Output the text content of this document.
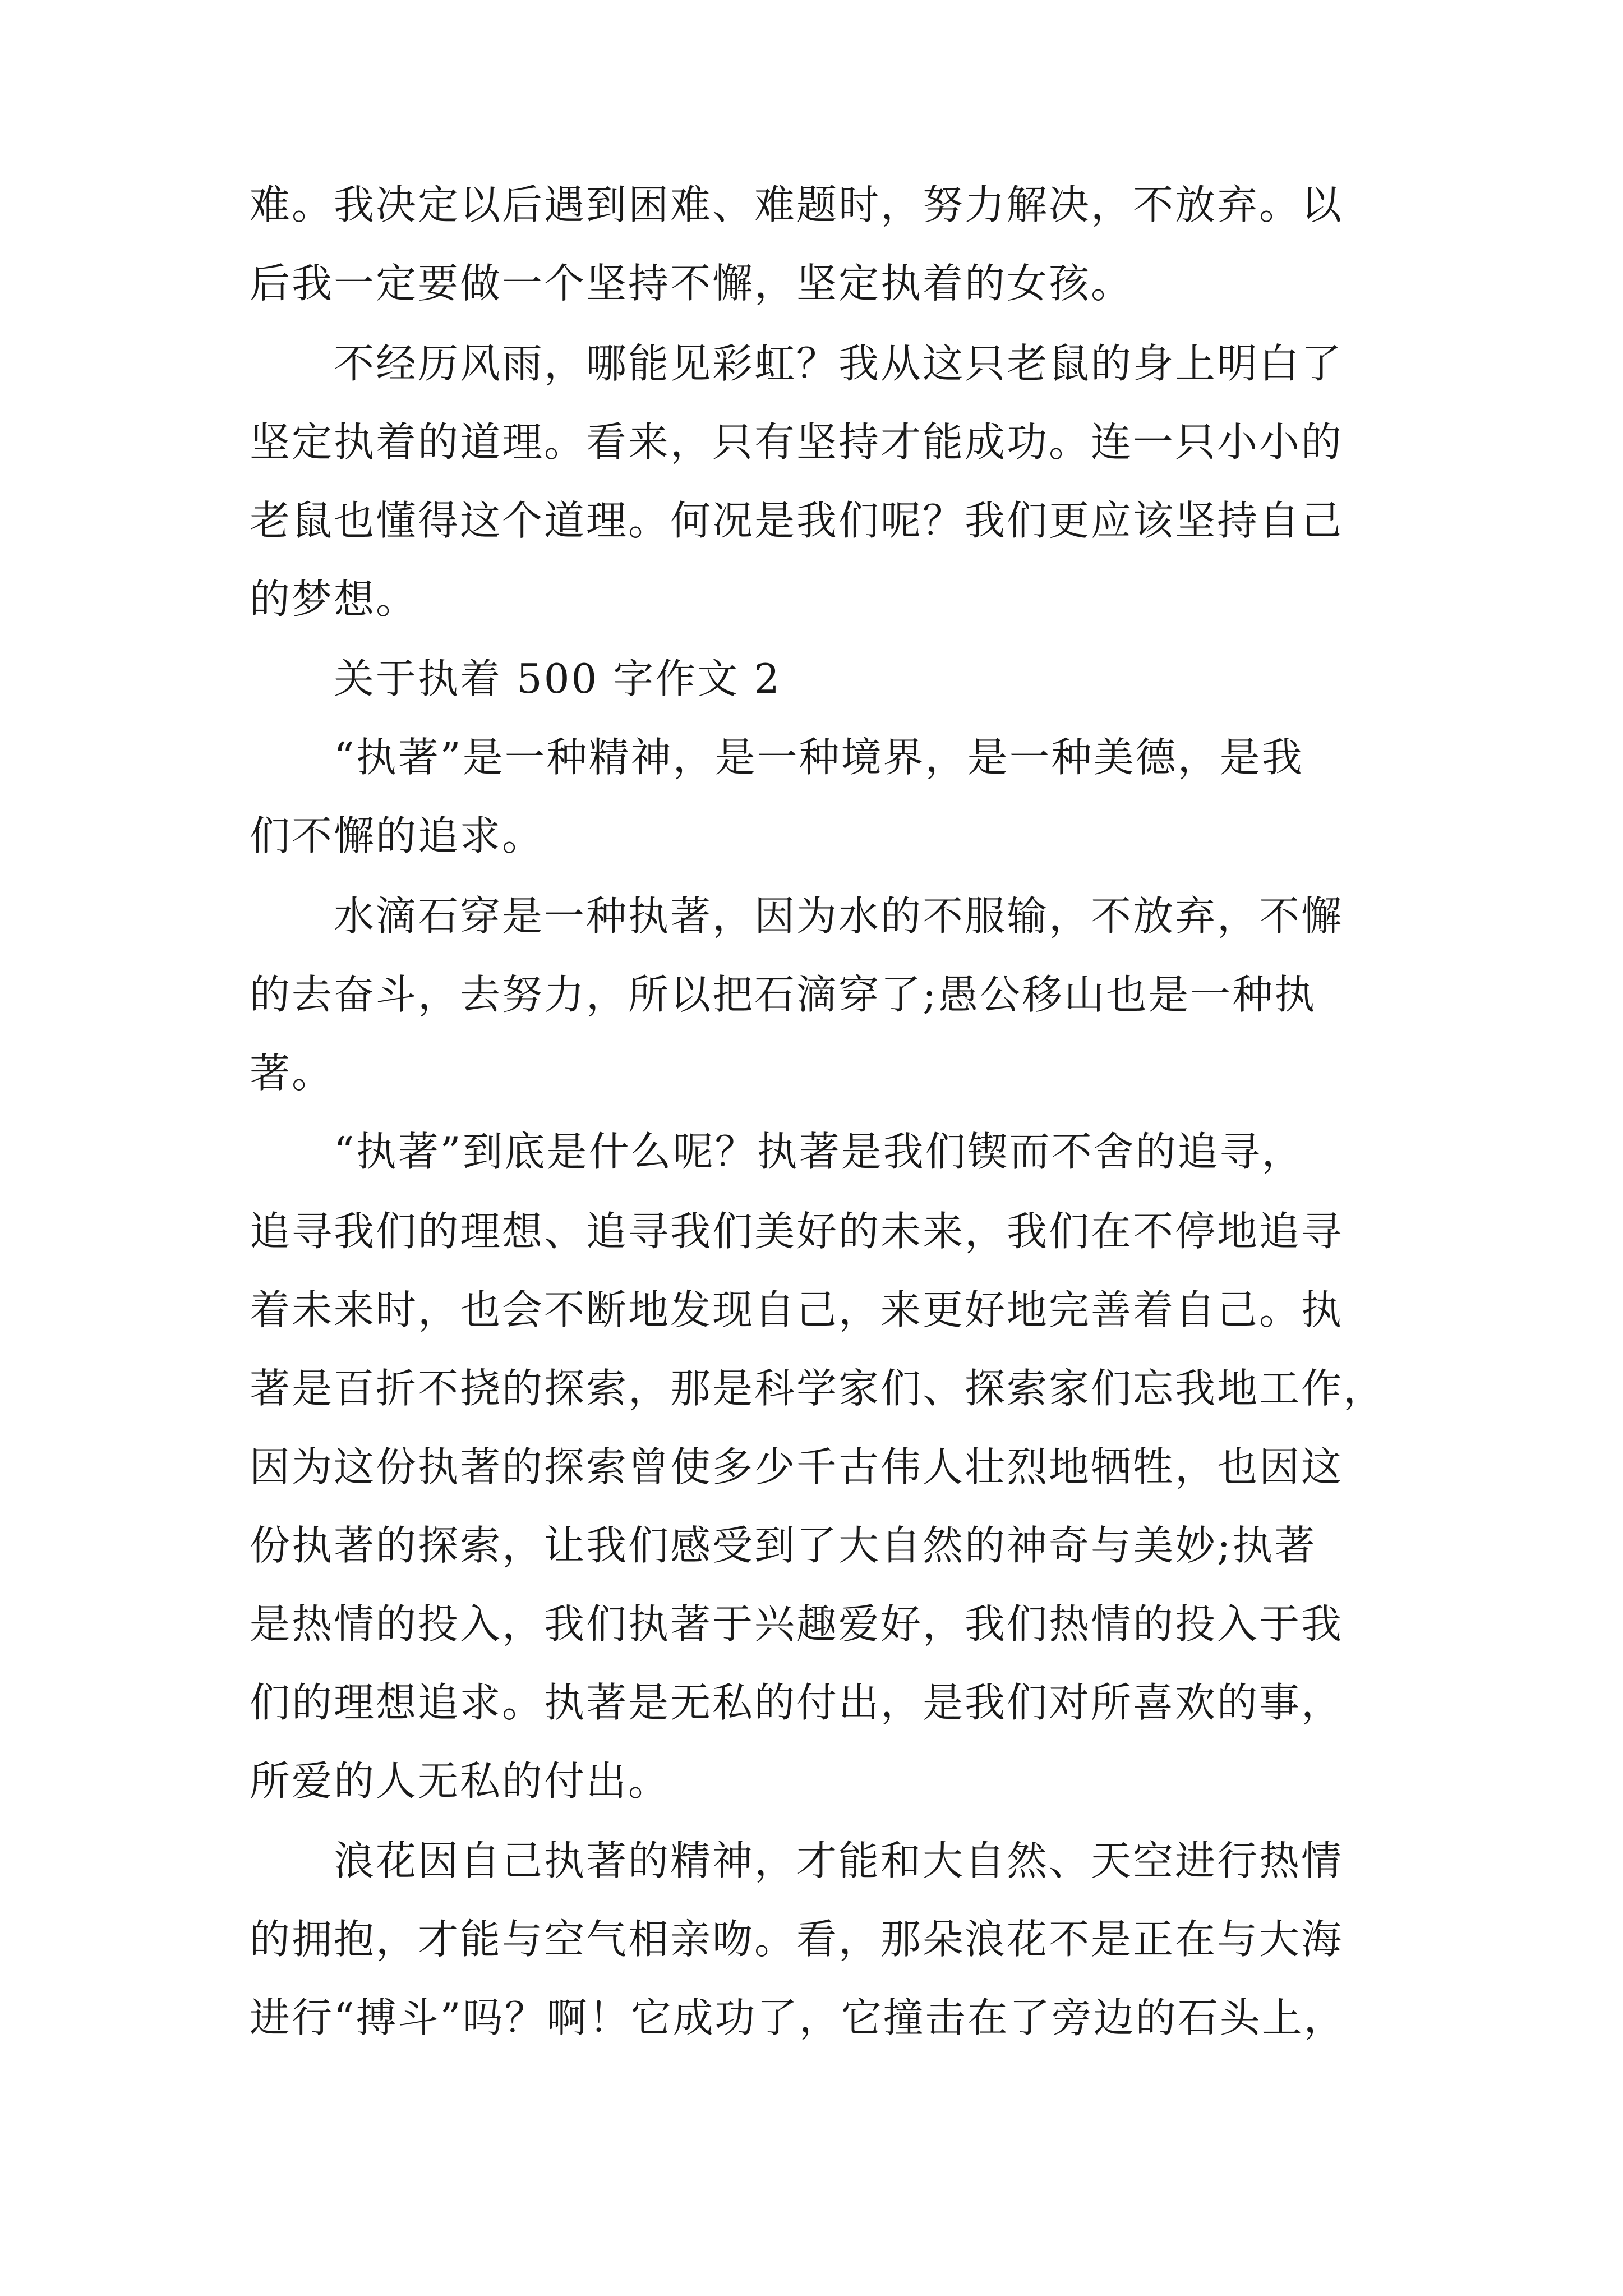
难。我决定以后遇到困难、难题时，努力解决，不放弃。以
后我一定要做一个坚持不懈，坚定执着的女孩。
不经历风雨，哪能见彩虹？我从这只老鼠的身上明白了
坚定执着的道理。看来，只有坚持才能成功。连一只小小的
老鼠也懂得这个道理。何况是我们呢？我们更应该坚持自己
的梦想。
关于执着 500 字作文 2
“执著”是一种精神，是一种境界，是一种美德，是我
们不懈的追求。
水滴石穿是一种执著，因为水的不服输，不放弃，不懈
的去奋斗，去努力，所以把石滴穿了;愚公移山也是一种执
著。
“执著”到底是什么呢？执著是我们锲而不舍的追寻，
追寻我们的理想、追寻我们美好的未来，我们在不停地追寻
着未来时，也会不断地发现自己，来更好地完善着自己。执
著是百折不挠的探索，那是科学家们、探索家们忘我地工作，
因为这份执著的探索曾使多少千古伟人壮烈地牺牲，也因这
份执著的探索，让我们感受到了大自然的神奇与美妙;执著
是热情的投入，我们执著于兴趣爱好，我们热情的投入于我
们的理想追求。执著是无私的付出，是我们对所喜欢的事，
所爱的人无私的付出。
浪花因自己执著的精神，才能和大自然、天空进行热情
的拥抱，才能与空气相亲吻。看，那朵浪花不是正在与大海
进行“搏斗”吗？啊！它成功了，它撞击在了旁边的石头上，
